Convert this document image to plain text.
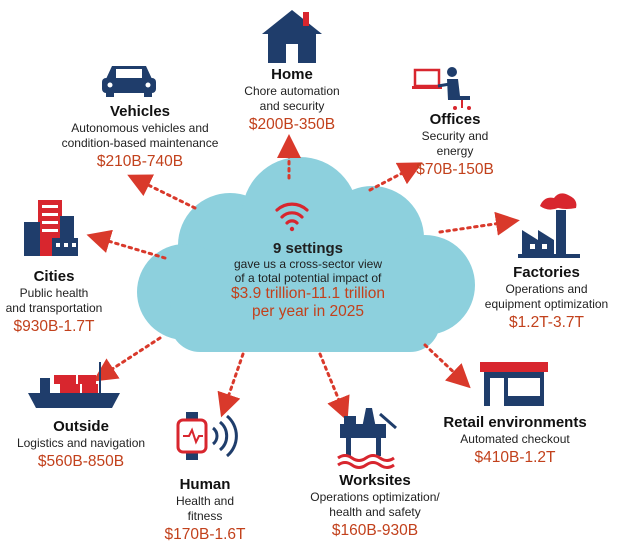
9 settings
gave us a cross-sector view
of a total potential impact of
$3.9 trillion-11.1 trillion
per year in 2025
Home
Chore automation
and security
$200B-350B
Vehicles
Autonomous vehicles and
condition-based maintenance
$210B-740B
Offices
Security and
energy
$70B-150B
Cities
Public health
and transportation
$930B-1.7T
Factories
Operations and
equipment optimization
$1.2T-3.7T
Outside
Logistics and navigation
$560B-850B
Retail environments
Automated checkout
$410B-1.2T
Human
Health and
fitness
$170B-1.6T
Worksites
Operations optimization/
health and safety
$160B-930B
